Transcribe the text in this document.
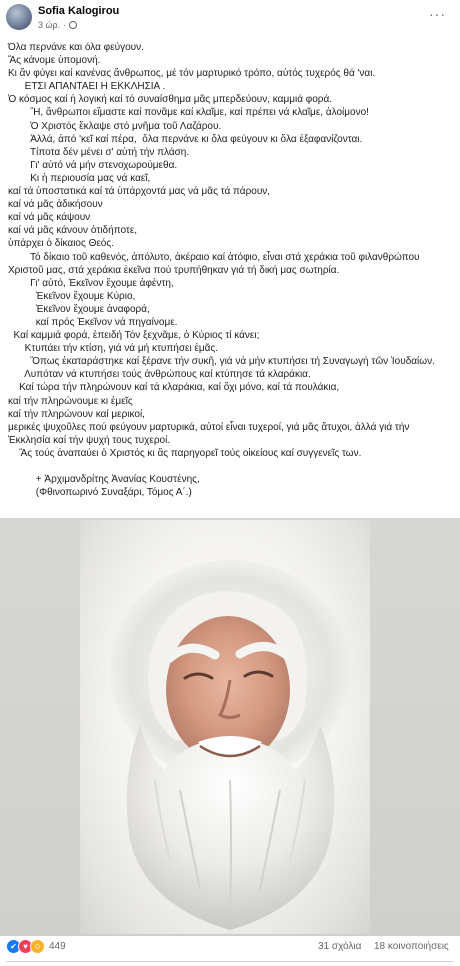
Sofia Kalogirou
3 ώρ. ·
···
Όλα περνάνε και όλα φεύγουν.
Ἄς κάνομε ὑπομονή.
Κι ἄν φύγει καί κανένας ἄνθρωπος, μέ τόν μαρτυρικό τρόπο, αὐτός τυχερός θά 'ναι.
ΕΤΣΙ ΑΠΑΝΤΑΕΙ Η ΕΚΚΛΗΣΙΑ .
Ὁ κόσμος καί ἡ λογική καί τό συναίσθημα μᾶς μπερδεύουν, καμμιά φορά.
Ἤ, ἄνθρωποι εἴμαστε καί πονᾶμε καί κλαῖμε, καί πρέπει νά κλαῖμε, ἀλοίμονο!
Ὁ Χριστός ἔκλαψε στό μνῆμα τοῦ Λαζάρου.
Ἀλλά, ἀπό 'κεῖ καί πέρα,  ὅλα περνάνε κι ὅλα φεύγουν κι ὅλα ἐξαφανίζονται.
Τίποτα δέν μένει σ' αὐτή τήν πλάση.
Γι' αὐτό νά μήν στενοχωρούμεθα.
Κι ἡ περιουσία μας νά καεῖ,
καί τά ὑποστατικά καί τά ὑπάρχοντά μας νά μᾶς τά πάρουν,
καί νά μᾶς ἀδικήσουν
καί νά μᾶς κάψουν
καί νά μᾶς κάνουν ὁτιδήποτε,
ὑπάρχει ὁ δίκαιος Θεός.
Τό δίκαιο τοῦ καθενός, ἀπόλυτο, ἀκέραιο καί ἀτόφιο, εἶναι στά χεράκια τοῦ φιλανθρώπου
Χριστοῦ μας, στά χεράκια ἐκεῖνα πού τρυπήθηκαν γιά τή δική μας σωτηρία.
Γι' αὐτό, Ἐκεῖνον ἔχουμε ἀφέντη,
Ἐκεῖνον ἔχουμε Κύριο,
Ἐκεῖνον ἔχουμε ἀναφορά,
καί πρός Ἐκεῖνον νά πηγαίνομε.
Καί καμμιά φορά, ἐπειδή Τόν ξεχνᾶμε, ὁ Κύριος τί κάνει;
Κτυπάει τήν κτίση, γιά νά μή κτυπήσει ἐμᾶς.
Ὅπως ἐκαταράστηκε καί ξέρανε τήν συκῆ, γιά νά μήν κτυπήσει τή Συναγωγή τῶν Ἰουδαίων.
Λυπόταν νά κτυπήσει τούς ἀνθρώπους καί κτύπησε τά κλαράκια.
Καί τώρα τήν πληρώνουν καί τά κλαράκια, καί ὄχι μόνο, καί τά πουλάκια,
καί τήν πληρώνουμε κι ἐμεῖς
καί τήν πληρώνουν καί μερικοί,
μερικές ψυχοῦλες πού φεύγουν μαρτυρικά, αὐτοί εἶναι τυχεροί, γιά μᾶς ἄτυχοι, ἀλλά γιά τήν
Ἐκκλησία καί τήν ψυχή τους τυχεροί.
Ἄς τούς ἀναπαύει ὁ Χριστός κι ἄς παρηγορεῖ τούς οἰκείους καί συγγενεῖς των.
+ Ἀρχιμανδρίτης Ἀνανίας Κουστένης,
(Φθινοπωρινό Συναξάρι, Τόμος Α΄.)
✔ ♥ ☺ 449	31 σχόλια 18 κοινοποιήσεις
